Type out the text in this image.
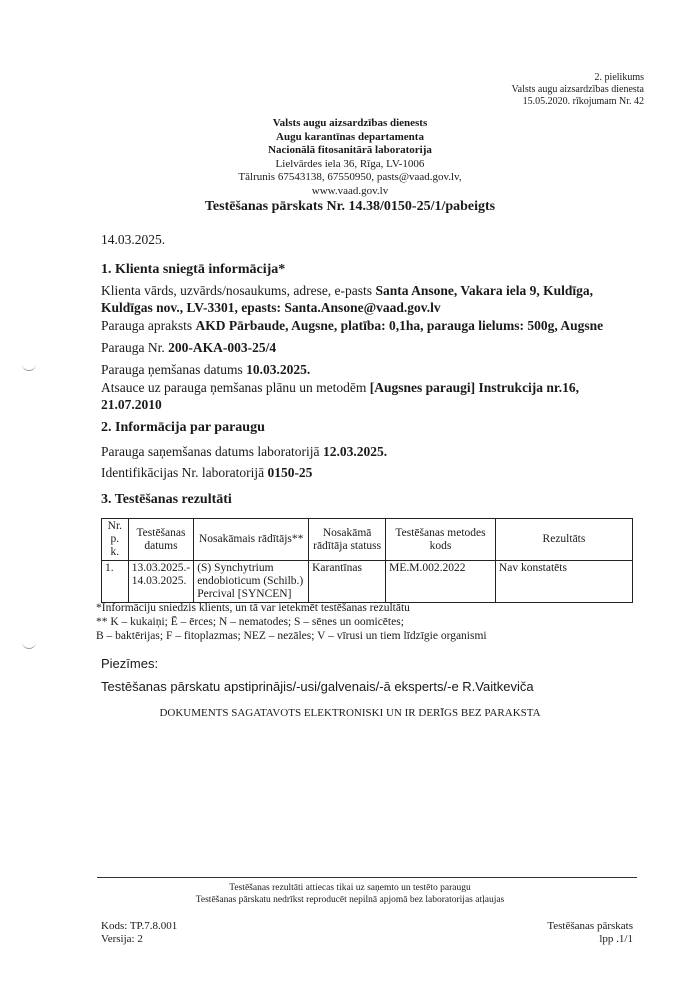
2. pielikums
Valsts augu aizsardzības dienesta
15.05.2020. rīkojumam Nr. 42
Valsts augu aizsardzības dienests
Augu karantīnas departamenta
Nacionālā fitosanitārā laboratorija
Lielvārdes iela 36, Rīga, LV-1006
Tālrunis 67543138, 67550950, pasts@vaad.gov.lv,
www.vaad.gov.lv
Testēšanas pārskats Nr. 14.38/0150-25/1/pabeigts
14.03.2025.
1. Klienta sniegtā informācija*
Klienta vārds, uzvārds/nosaukums, adrese, e-pasts Santa Ansone, Vakara iela 9, Kuldīga, Kuldīgas nov., LV-3301, epasts: Santa.Ansone@vaad.gov.lv
Parauga apraksts AKD Pārbaude, Augsne, platība: 0,1ha, parauga lielums: 500g, Augsne
Parauga Nr. 200-AKA-003-25/4
Parauga ņemšanas datums 10.03.2025.
Atsauce uz parauga ņemšanas plānu un metodēm [Augsnes paraugi] Instrukcija nr.16, 21.07.2010
2. Informācija par paraugu
Parauga saņemšanas datums laboratorijā 12.03.2025.
Identifikācijas Nr. laboratorijā 0150-25
3. Testēšanas rezultāti
Nr. p. k.	Testēšanas datums	Nosakāmais rādītājs**	Nosakāmā rādītāja statuss	Testēšanas metodes kods	Rezultāts
1.	13.03.2025.- 14.03.2025.	(S) Synchytrium endobioticum (Schilb.) Percival [SYNCEN]	Karantīnas	ME.M.002.2022	Nav konstatēts
*Informāciju sniedzis klients, un tā var ietekmēt testēšanas rezultātu
** K – kukaiņi; Ē – ērces; N – nematodes; S – sēnes un oomicētes;
B – baktērijas; F – fitoplazmas; NEZ – nezāles; V – vīrusi un tiem līdzīgie organismi
Piezīmes:
Testēšanas pārskatu apstiprinājis/-usi/galvenais/-ā eksperts/-e R.Vaitkeviča
DOKUMENTS SAGATAVOTS ELEKTRONISKI UN IR DERĪGS BEZ PARAKSTA
Testēšanas rezultāti attiecas tikai uz saņemto un testēto paraugu
Testēšanas pārskatu nedrīkst reproducēt nepilnā apjomā bez laboratorijas atļaujas
Kods: TP.7.8.001
Versija: 2
Testēšanas pārskats
lpp .1/1
